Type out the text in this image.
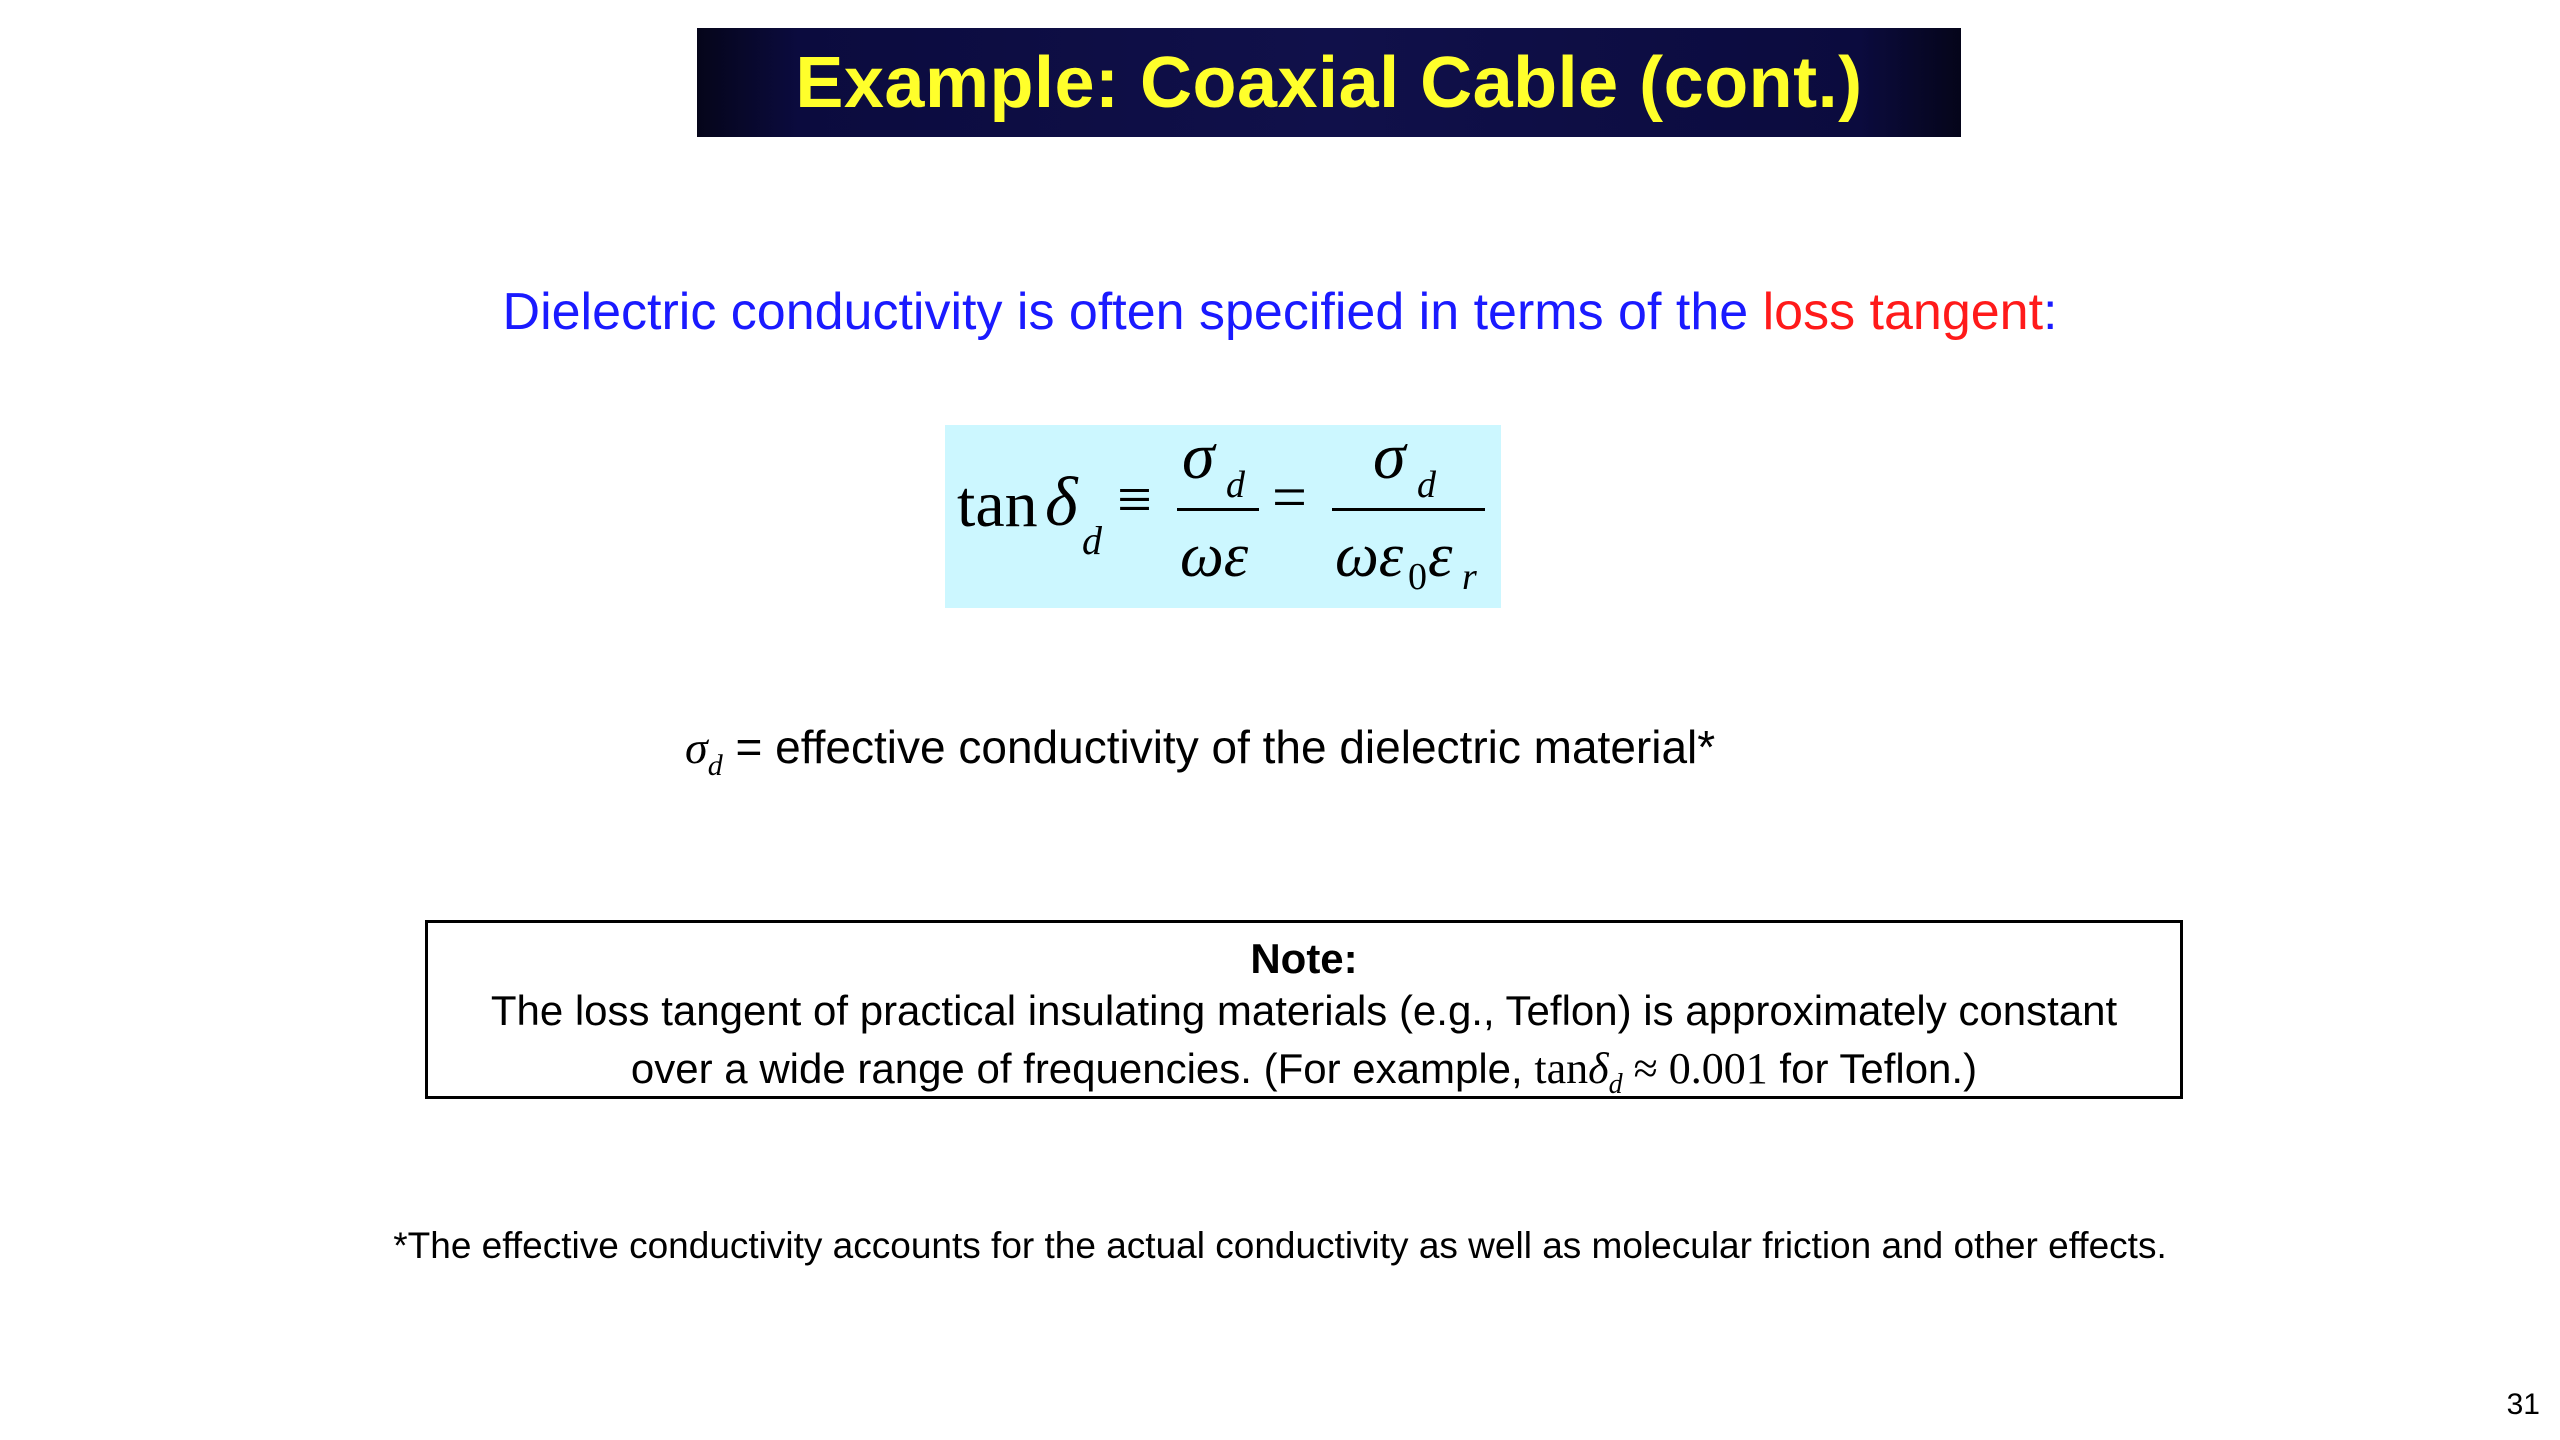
Example: Coaxial Cable (cont.)
Dielectric conductivity is often specified in terms of the loss tangent:
tan δ d
≡
σ d
ωε
=
σ d
ωε 0 ε r
$\sigma_d$ = effective conductivity of the dielectric material*
Note:
The loss tangent of practical insulating materials (e.g., Teflon) is approximately constant
over a wide range of frequencies. (For example, tanδ$_d$ ≈ 0.001 for Teflon.)
*The effective conductivity accounts for the actual conductivity as well as molecular friction and other effects.
31
